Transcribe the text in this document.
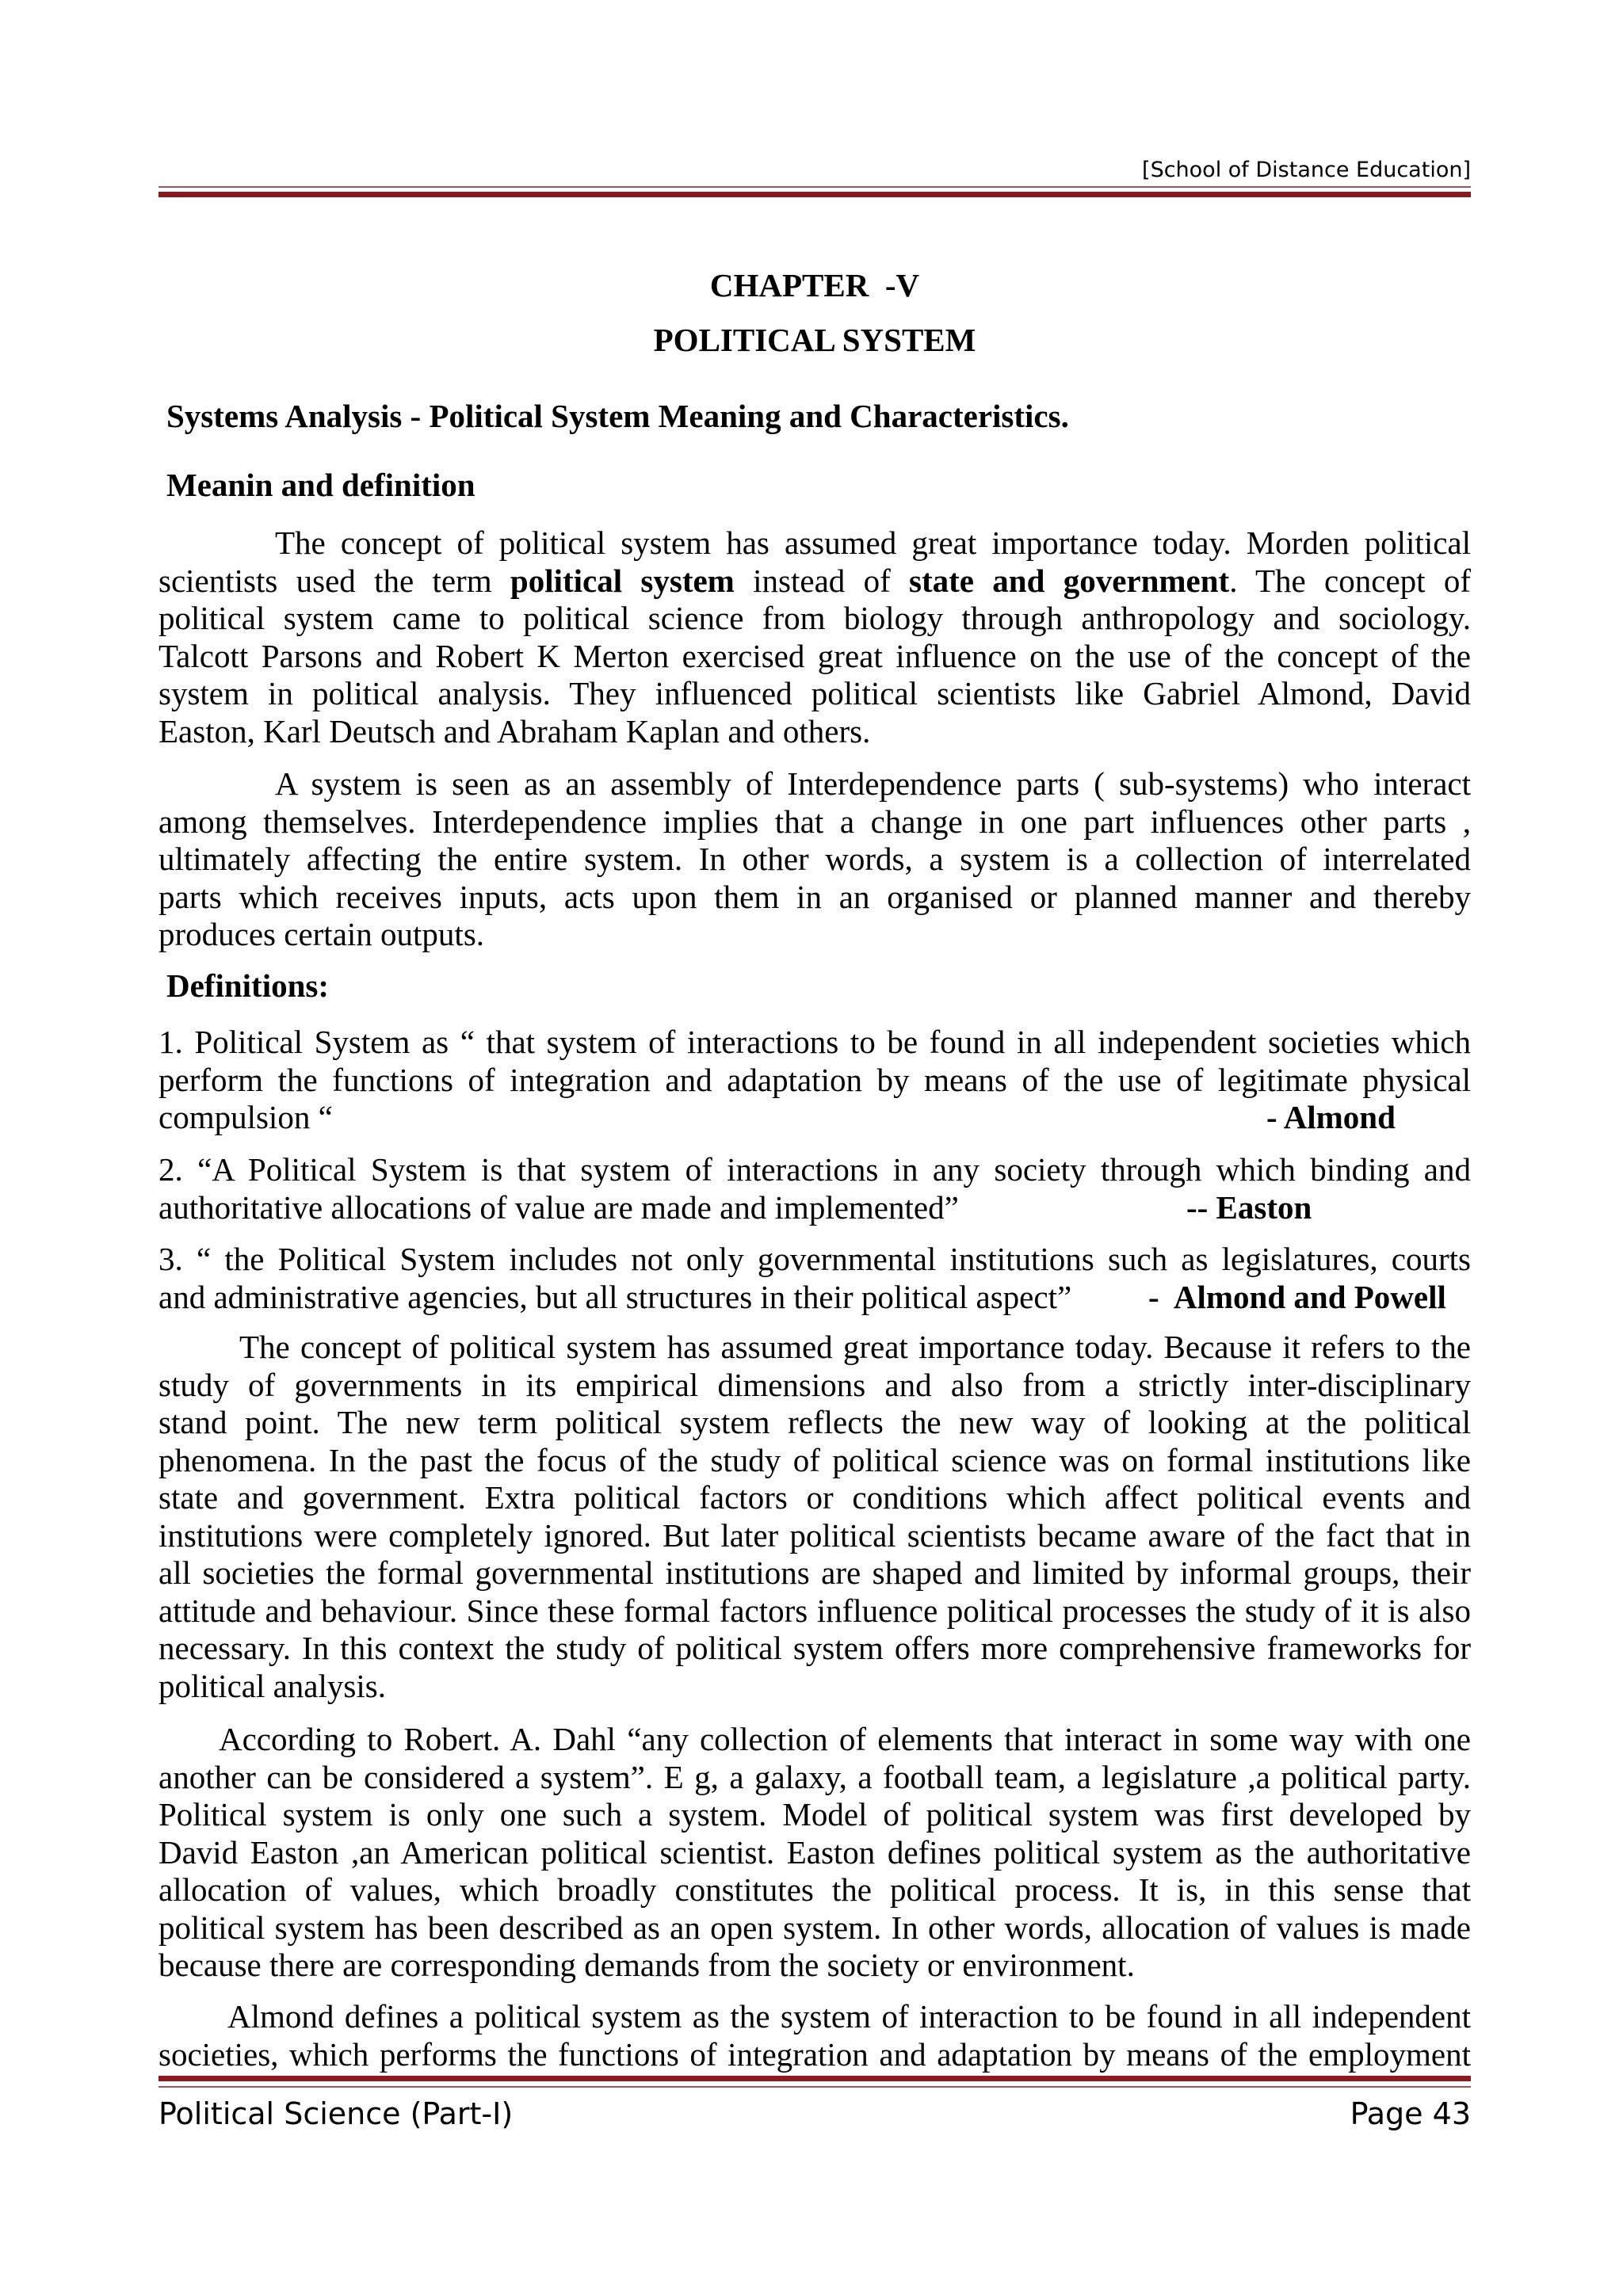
[School of Distance Education]
CHAPTER  -V
POLITICAL SYSTEM
Systems Analysis - Political System Meaning and Characteristics.
Meanin and definition
The concept of political system has assumed great importance today. Morden political
scientists used the term political system instead of state and government. The concept of
political system came to political science from biology through anthropology and sociology.
Talcott Parsons and Robert K Merton exercised great influence on the use of the concept of the
system in political analysis. They influenced political scientists like Gabriel Almond, David
Easton, Karl Deutsch and Abraham Kaplan and others.
A system is seen as an assembly of Interdependence parts ( sub-systems) who interact
among themselves. Interdependence implies that a change in one part influences other parts ,
ultimately affecting the entire system. In other words, a system is a collection of interrelated
parts which receives inputs, acts upon them in an organised or planned manner and thereby
produces certain outputs.
Definitions:
1. Political System as “ that system of interactions to be found in all independent societies which
perform the functions of integration and adaptation by means of the use of legitimate physical
compulsion “	- Almond
2. “A Political System is that system of interactions in any society through which binding and
authoritative allocations of value are made and implemented”	-- Easton
3. “ the Political System includes not only governmental institutions such as legislatures, courts
and administrative agencies, but all structures in their political aspect” -  Almond and Powell
The concept of political system has assumed great importance today. Because it refers to the
study of governments in its empirical dimensions and also from a strictly inter-disciplinary
stand point. The new term political system reflects the new way of looking at the political
phenomena. In the past the focus of the study of political science was on formal institutions like
state and government. Extra political factors or conditions which affect political events and
institutions were completely ignored. But later political scientists became aware of the fact that in
all societies the formal governmental institutions are shaped and limited by informal groups, their
attitude and behaviour. Since these formal factors influence political processes the study of it is also
necessary. In this context the study of political system offers more comprehensive frameworks for
political analysis.
According to Robert. A. Dahl “any collection of elements that interact in some way with one
another can be considered a system”. E g, a galaxy, a football team, a legislature ,a political party.
Political system is only one such a system. Model of political system was first developed by
David Easton ,an American political scientist. Easton defines political system as the authoritative
allocation of values, which broadly constitutes the political process. It is, in this sense that
political system has been described as an open system. In other words, allocation of values is made
because there are corresponding demands from the society or environment.
Almond defines a political system as the system of interaction to be found in all independent
societies, which performs the functions of integration and adaptation by means of the employment
Political Science (Part-I)	Page 43
